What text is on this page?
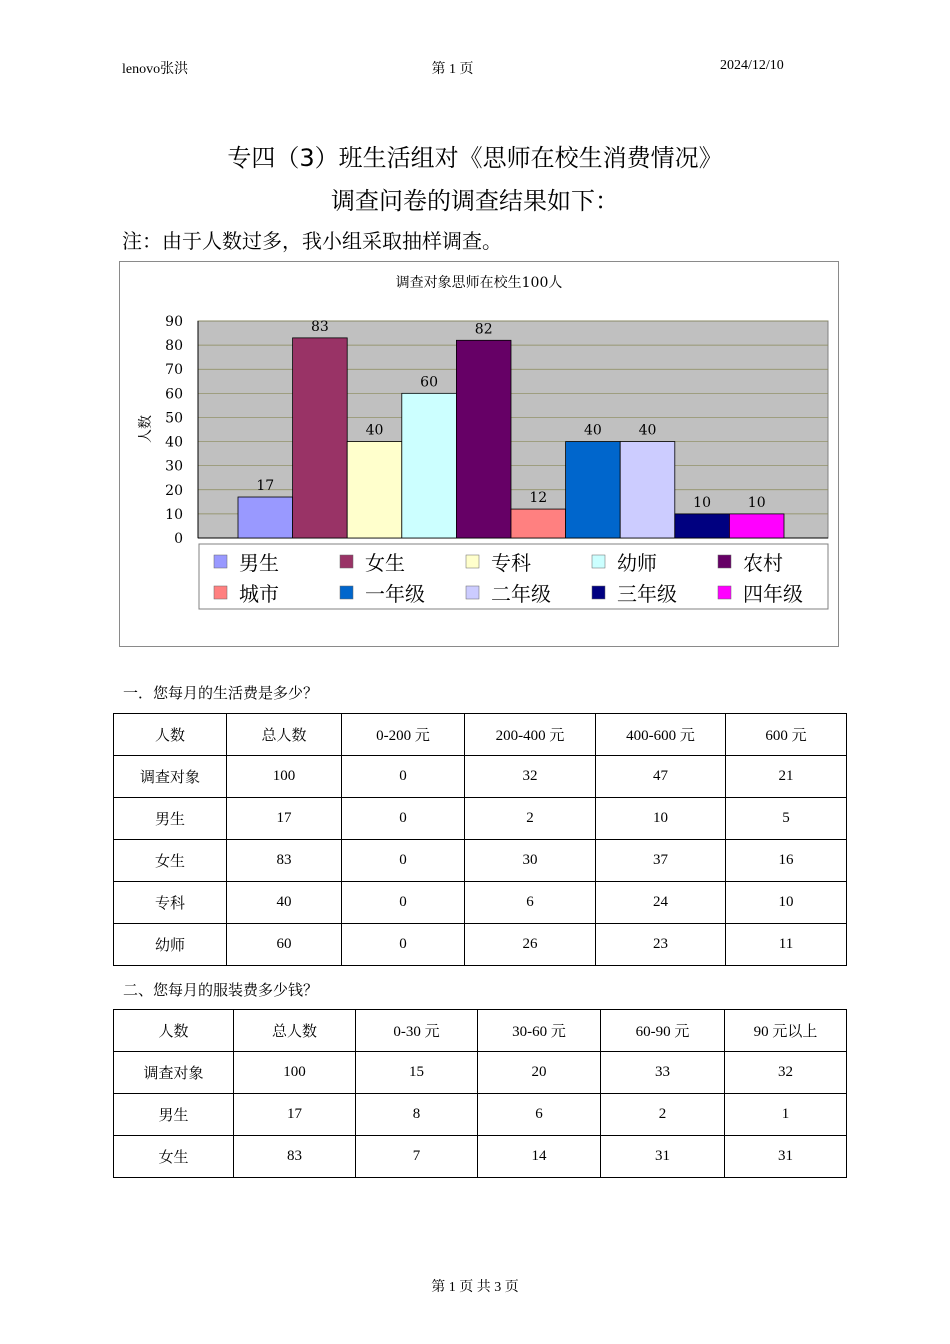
lenovo张洪	第 1 页	2024/12/10
专四（3）班生活组对《思师在校生消费情况》
调查问卷的调查结果如下：
注：由于人数过多，我小组采取抽样调查。
调查对象思师在校生100人
0
10
20
30
40
50
60
70
80
90
人数
17
83
40
60
82
12
40	40
10	10
男生	女生	专科	幼师	农村
城市	一年级	二年级	三年级	四年级
一．您每月的生活费是多少？
人数	总人数	0-200 元	200-400 元	400-600 元	600 元
调查对象	100	0	32	47	21
男生	17	0	2	10	5
女生	83	0	30	37	16
专科	40	0	6	24	10
幼师	60	0	26	23	11
二、您每月的服装费多少钱？
人数	总人数	0-30 元	30-60 元	60-90 元	90 元以上
调查对象	100	15	20	33	32
男生	17	8	6	2	1
女生	83	7	14	31	31
第 1 页 共 3 页
